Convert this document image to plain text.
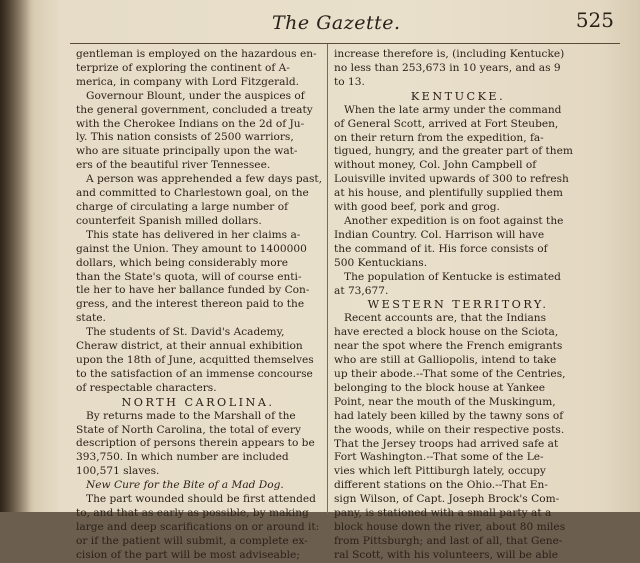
The Gazette.	525
gentleman is employed on the hazardous en-
terprize of exploring the continent of A-
merica, in company with Lord Fitzgerald.
Governour Blount, under the auspices of
the general government, concluded a treaty
with the Cherokee Indians on the 2d of Ju-
ly. This nation consists of 2500 warriors,
who are situate principally upon the wat-
ers of the beautiful river Tennessee.
A person was apprehended a few days past,
and committed to Charlestown goal, on the
charge of circulating a large number of
counterfeit Spanish milled dollars.
This state has delivered in her claims a-
gainst the Union. They amount to 1400000
dollars, which being considerably more
than the State's quota, will of course enti-
tle her to have her ballance funded by Con-
gress, and the interest thereon paid to the
state.
The students of St. David's Academy,
Cheraw district, at their annual exhibition
upon the 18th of June, acquitted themselves
to the satisfaction of an immense concourse
of respectable characters.
NORTH CAROLINA.
By returns made to the Marshall of the
State of North Carolina, the total of every
description of persons therein appears to be
393,750. In which number are included
100,571 slaves.
New Cure for the Bite of a Mad Dog.
The part wounded should be first attended
to, and that as early as possible, by making
large and deep scarifications on or around it:
or if the patient will submit, a complete ex-
cision of the part will be most adviseable;
increase therefore is, (including Kentucke)
no less than 253,673 in 10 years, and as 9
to 13.
KENTUCKE.
When the late army under the command
of General Scott, arrived at Fort Steuben,
on their return from the expedition, fa-
tigued, hungry, and the greater part of them
without money, Col. John Campbell of
Louisville invited upwards of 300 to refresh
at his house, and plentifully supplied them
with good beef, pork and grog.
Another expedition is on foot against the
Indian Country. Col. Harrison will have
the command of it. His force consists of
500 Kentuckians.
The population of Kentucke is estimated
at 73,677.
WESTERN TERRITORY.
Recent accounts are, that the Indians
have erected a block house on the Sciota,
near the spot where the French emigrants
who are still at Galliopolis, intend to take
up their abode.--That some of the Centries,
belonging to the block house at Yankee
Point, near the mouth of the Muskingum,
had lately been killed by the tawny sons of
the woods, while on their respective posts.
That the Jersey troops had arrived safe at
Fort Washington.--That some of the Le-
vies which left Pittiburgh lately, occupy
different stations on the Ohio.--That En-
sign Wilson, of Capt. Joseph Brock's Com-
pany, is stationed with a small party at a
block house down the river, about 80 miles
from Pittsburgh; and last of all, that Gene-
ral Scott, with his volunteers, will be able
